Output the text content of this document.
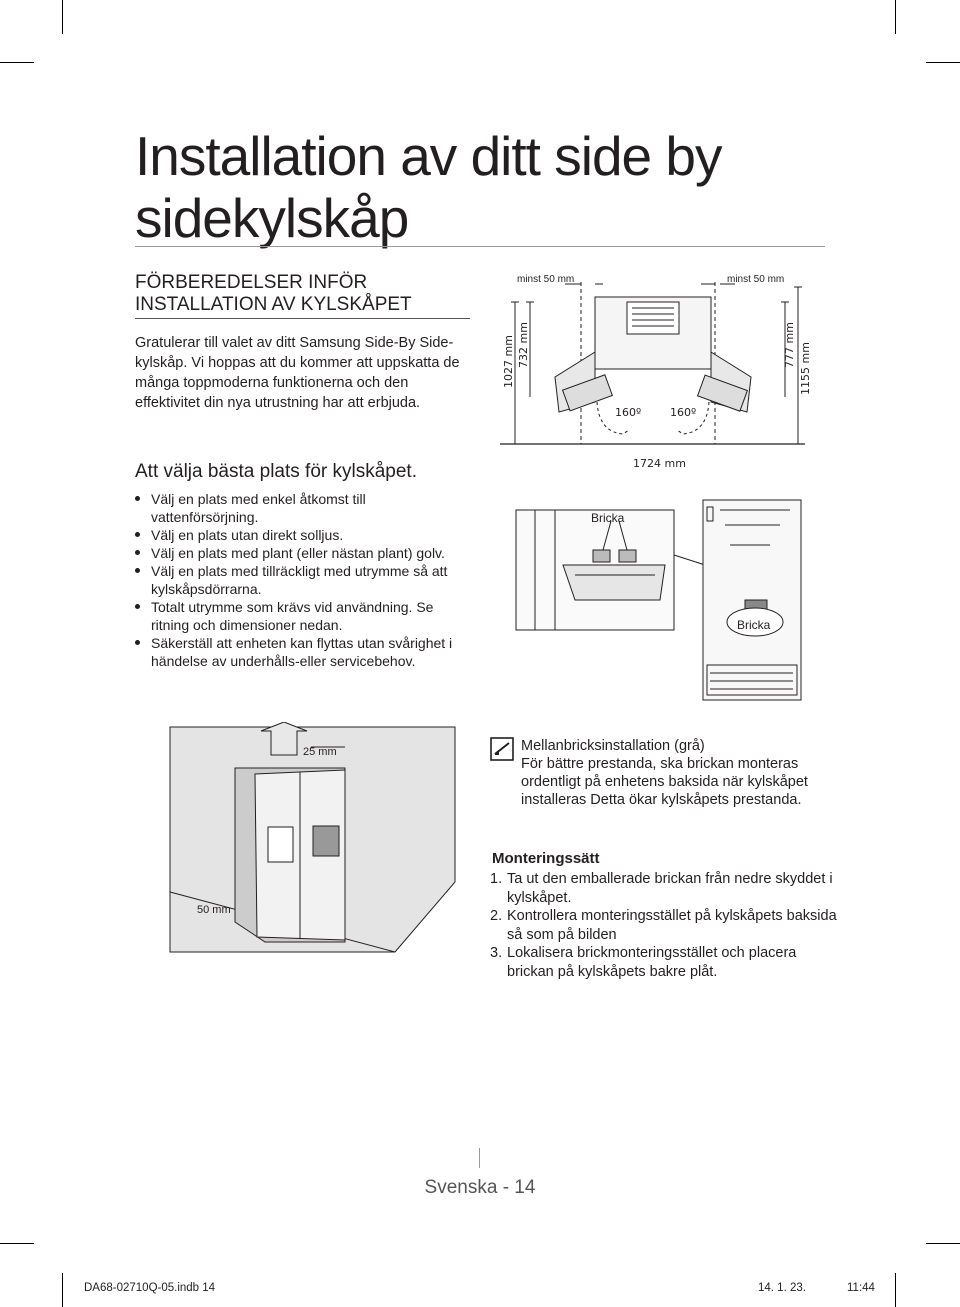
Installation av ditt side by sidekylskåp
FÖRBEREDELSER INFÖR INSTALLATION AV KYLSKÅPET
Gratulerar till valet av ditt Samsung Side-By Side-kylskåp. Vi hoppas att du kommer att uppskatta de många toppmoderna funktionerna och den effektivitet din nya utrustning har att erbjuda.
Att välja bästa plats för kylskåpet.
Välj en plats med enkel åtkomst till vattenförsörjning.
Välj en plats utan direkt solljus.
Välj en plats med plant (eller nästan plant) golv.
Välj en plats med tillräckligt med utrymme så att kylskåpsdörrarna.
Totalt utrymme som krävs vid användning. Se ritning och dimensioner nedan.
Säkerställ att enheten kan flyttas utan svårighet i händelse av underhålls-eller servicebehov.
minst 50 mm	minst 50 mm
1027 mm 732 mm	777 mm 1155 mm
160º	160º
1724 mm
Bricka
Bricka
25 mm
50 mm
Mellanbricksinstallation (grå)
För bättre prestanda, ska brickan monteras ordentligt på enhetens baksida när kylskåpet installeras Detta ökar kylskåpets prestanda.
Monteringssätt
1. Ta ut den emballerade brickan från nedre skyddet i kylskåpet.
2. Kontrollera monteringsstället på kylskåpets baksida så som på bilden
3. Lokalisera brickmonteringsstället och placera brickan på kylskåpets bakre plåt.
Svenska - 14
DA68-02710Q-05.indb 14	14. 1. 23.	11:44
